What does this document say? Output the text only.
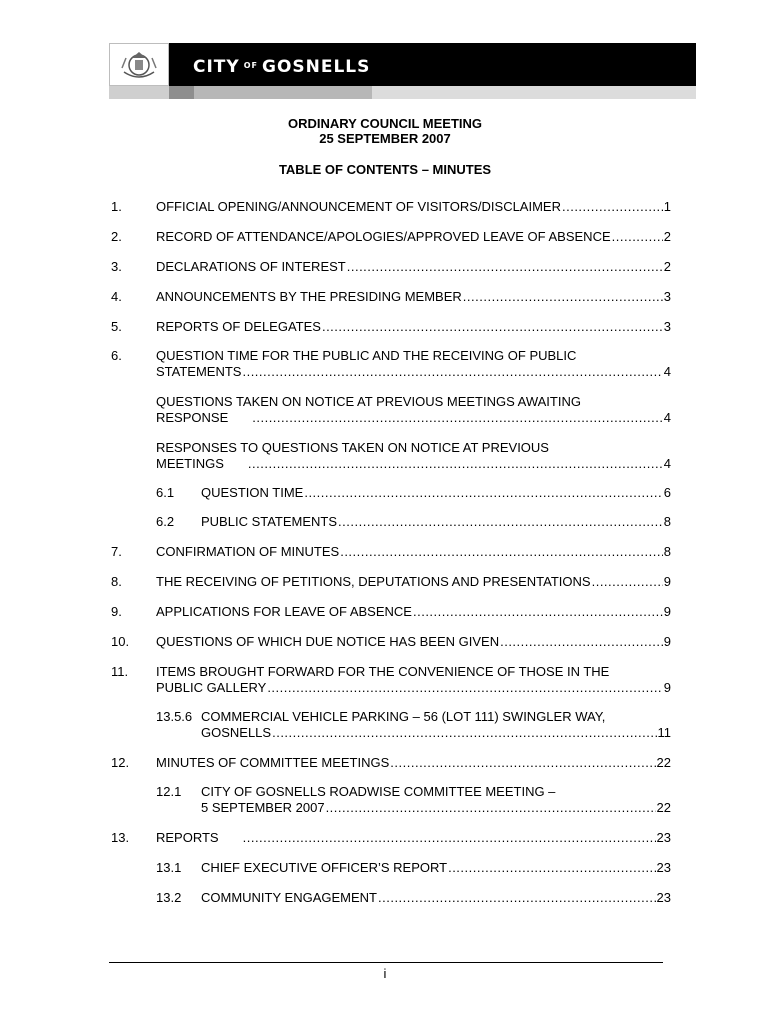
CITY $^{OF}$ GOSNELLS
ORDINARY COUNCIL MEETING
25 SEPTEMBER 2007
TABLE OF CONTENTS – MINUTES
1.	OFFICIAL OPENING/ANNOUNCEMENT OF VISITORS/DISCLAIMER .....	1
2.	RECORD OF ATTENDANCE/APOLOGIES/APPROVED LEAVE OF ABSENCE .....	2
3.	DECLARATIONS OF INTEREST .....	2
4.	ANNOUNCEMENTS BY THE PRESIDING MEMBER .....	3
5.	REPORTS OF DELEGATES .....	3
6.	QUESTION TIME FOR THE PUBLIC AND THE RECEIVING OF PUBLIC
STATEMENTS .....	4
QUESTIONS TAKEN ON NOTICE AT PREVIOUS MEETINGS AWAITING
RESPONSE .....	4
RESPONSES TO QUESTIONS TAKEN ON NOTICE AT PREVIOUS
MEETINGS .....	4
6.1 QUESTION TIME .....	6
6.2 PUBLIC STATEMENTS .....	8
7.	CONFIRMATION OF MINUTES .....	8
8.	THE RECEIVING OF PETITIONS, DEPUTATIONS AND PRESENTATIONS .....	9
9.	APPLICATIONS FOR LEAVE OF ABSENCE .....	9
10. QUESTIONS OF WHICH DUE NOTICE HAS BEEN GIVEN .....	9
11. ITEMS BROUGHT FORWARD FOR THE CONVENIENCE OF THOSE IN THE
PUBLIC GALLERY .....	9
13.5.6 COMMERCIAL VEHICLE PARKING – 56 (LOT 111) SWINGLER WAY,
GOSNELLS .....	11
12. MINUTES OF COMMITTEE MEETINGS .....	22
12.1 CITY OF GOSNELLS ROADWISE COMMITTEE MEETING –
5 SEPTEMBER 2007 .....	22
13. REPORTS .....	23
13.1 CHIEF EXECUTIVE OFFICER’S REPORT .....	23
13.2 COMMUNITY ENGAGEMENT .....	23
i
